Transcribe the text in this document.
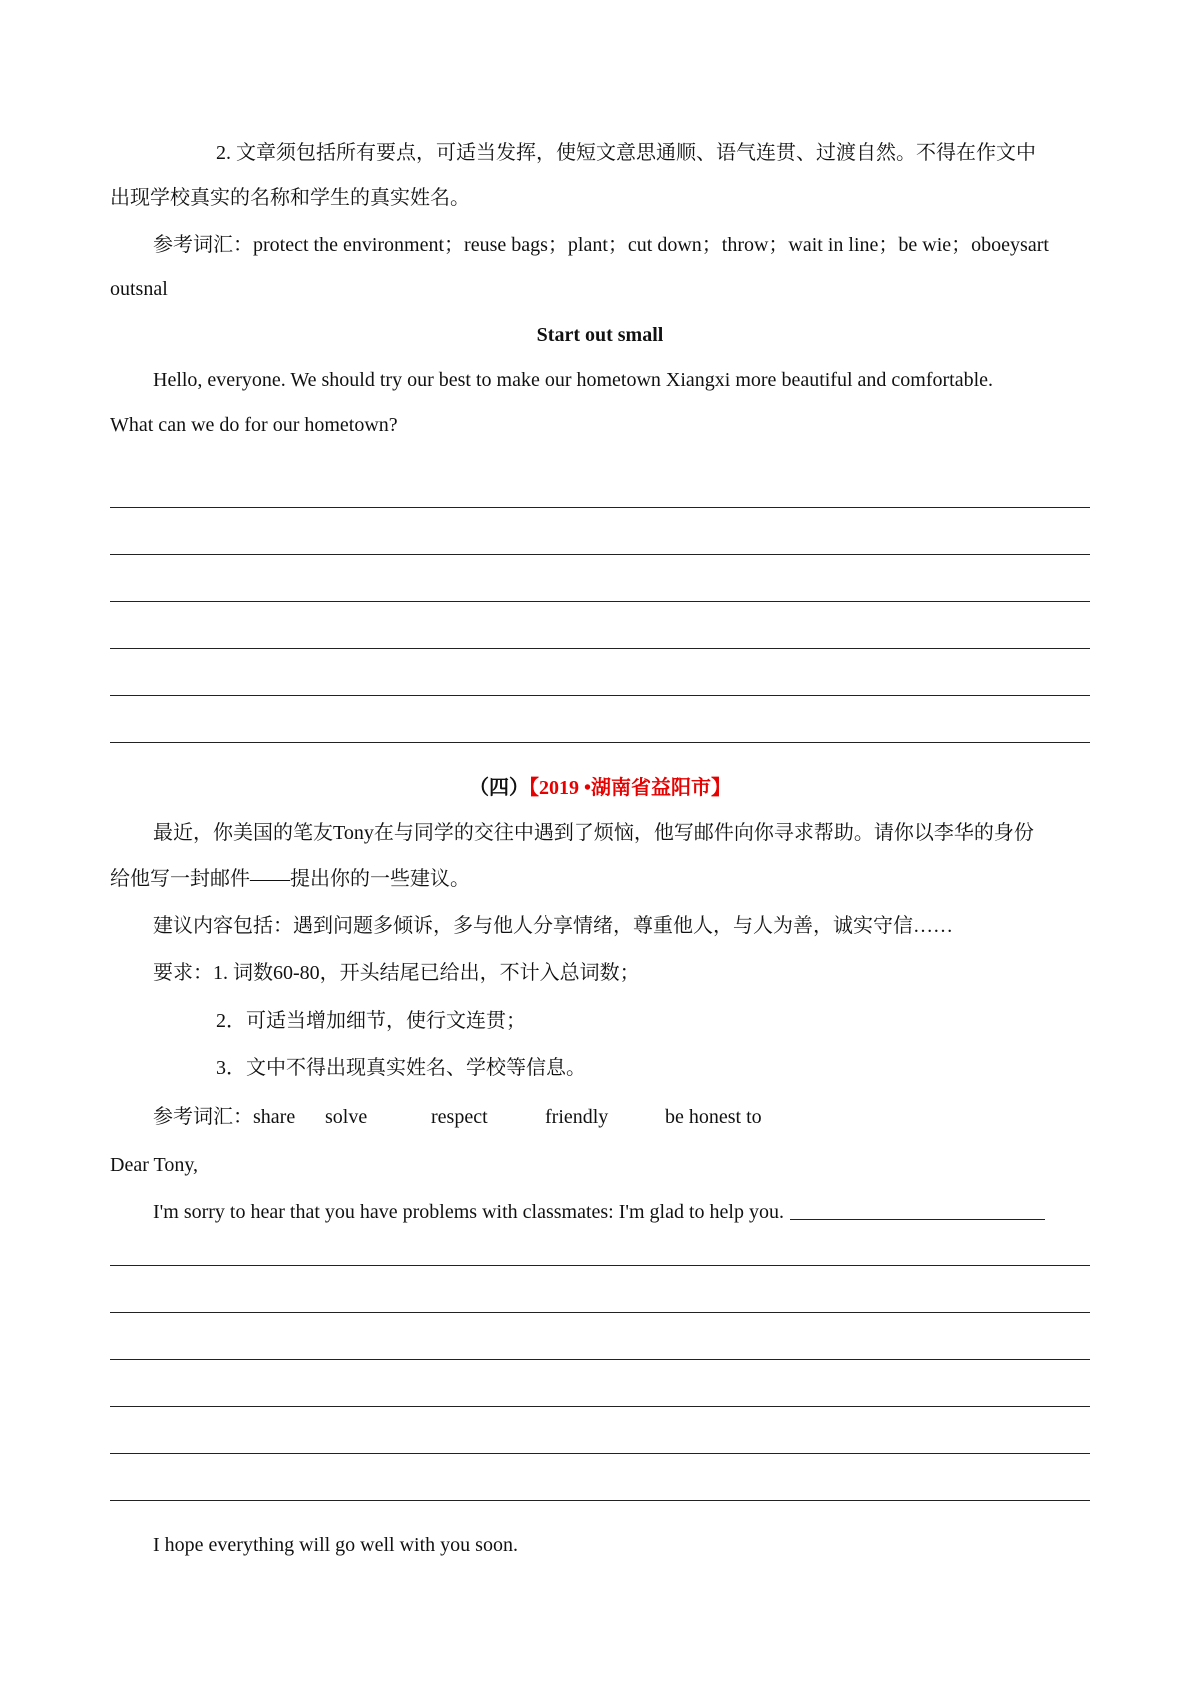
2. 文章须包括所有要点，可适当发挥，使短文意思通顺、语气连贯、过渡自然。不得在作文中
出现学校真实的名称和学生的真实姓名。
参考词汇：protect the environment；reuse bags；plant；cut down；throw；wait in line；be wie；oboeysart
outsnal
Start out small
Hello, everyone. We should try our best to make our hometown Xiangxi more beautiful and comfortable.
What can we do for our hometown?
（四）【2019 •湖南省益阳市】
最近，你美国的笔友Tony在与同学的交往中遇到了烦恼，他写邮件向你寻求帮助。请你以李华的身份
给他写一封邮件——提出你的一些建议。
建议内容包括：遇到问题多倾诉，多与他人分享情绪，尊重他人，与人为善，诚实守信……
要求：1. 词数60-80，开头结尾已给出，不计入总词数；
2．可适当增加细节，使行文连贯；
3．文中不得出现真实姓名、学校等信息。
参考词汇：share solve	respect	friendly	be honest to
Dear Tony,
I'm sorry to hear that you have problems with classmates: I'm glad to help you.
I hope everything will go well with you soon.
